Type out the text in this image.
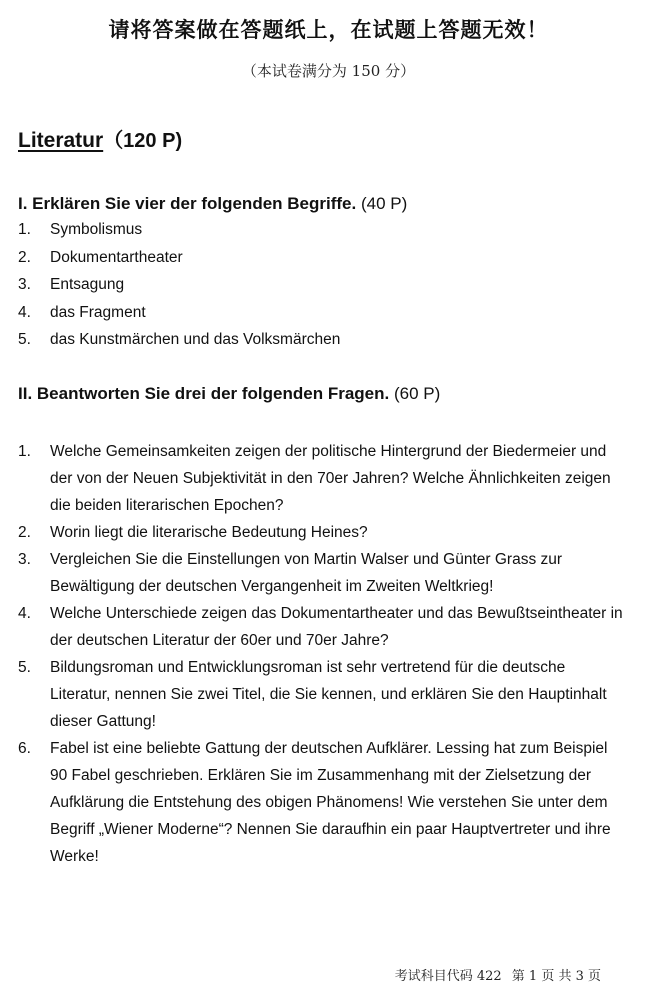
请将答案做在答题纸上，在试题上答题无效！
（本试卷满分为 150 分）
Literatur（120 P)
I. Erklären Sie vier der folgenden Begriffe. (40 P)
1. Symbolismus
2. Dokumentartheater
3. Entsagung
4. das Fragment
5. das Kunstmärchen und das Volksmärchen
II. Beantworten Sie drei der folgenden Fragen. (60 P)
1. Welche Gemeinsamkeiten zeigen der politische Hintergrund der Biedermeier und der von der Neuen Subjektivität in den 70er Jahren? Welche Ähnlichkeiten zeigen die beiden literarischen Epochen?
2. Worin liegt die literarische Bedeutung Heines?
3. Vergleichen Sie die Einstellungen von Martin Walser und Günter Grass zur Bewältigung der deutschen Vergangenheit im Zweiten Weltkrieg!
4. Welche Unterschiede zeigen das Dokumentartheater und das Bewußtseintheater in der deutschen Literatur der 60er und 70er Jahre?
5. Bildungsroman und Entwicklungsroman ist sehr vertretend für die deutsche Literatur, nennen Sie zwei Titel, die Sie kennen, und erklären Sie den Hauptinhalt dieser Gattung!
6. Fabel ist eine beliebte Gattung der deutschen Aufklärer. Lessing hat zum Beispiel 90 Fabel geschrieben. Erklären Sie im Zusammenhang mit der Zielsetzung der Aufklärung die Entstehung des obigen Phänomens! Wie verstehen Sie unter dem Begriff „Wiener Moderne“? Nennen Sie daraufhin ein paar Hauptvertreter und ihre Werke!
考试科目代码 422 第 1 页 共 3 页
